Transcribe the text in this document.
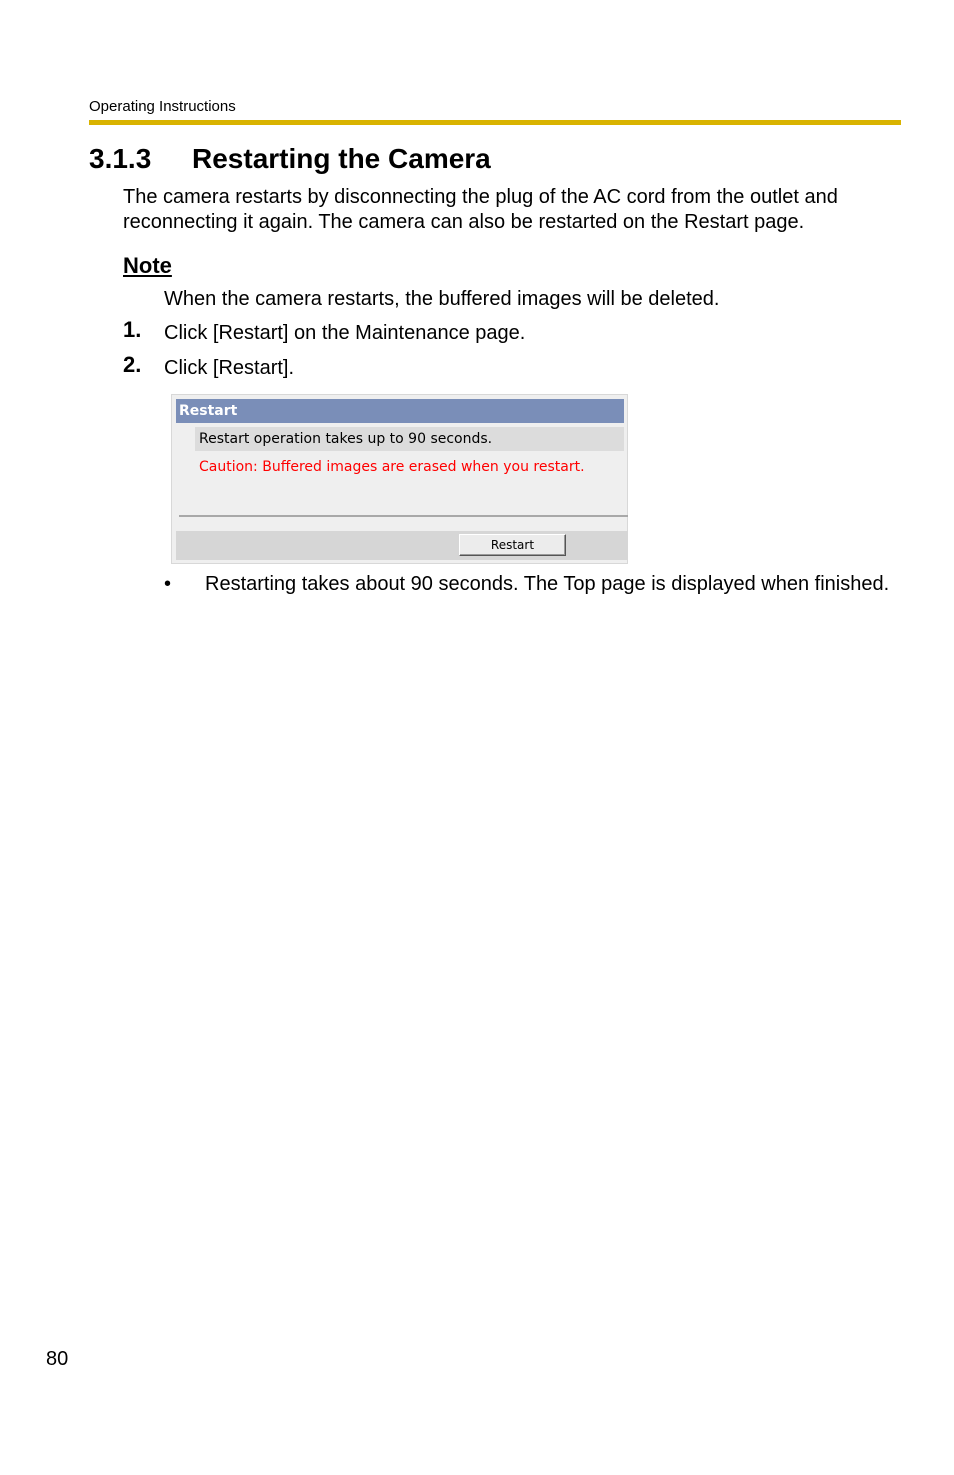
Operating Instructions
3.1.3 Restarting the Camera

The camera restarts by disconnecting the plug of the AC cord from the outlet and reconnecting it again. The camera can also be restarted on the Restart page.

Note
When the camera restarts, the buffered images will be deleted.
1. Click [Restart] on the Maintenance page.
2. Click [Restart].
Restart
Restart operation takes up to 90 seconds.
Caution: Buffered images are erased when you restart.
Restart
• Restarting takes about 90 seconds. The Top page is displayed when finished.
80
